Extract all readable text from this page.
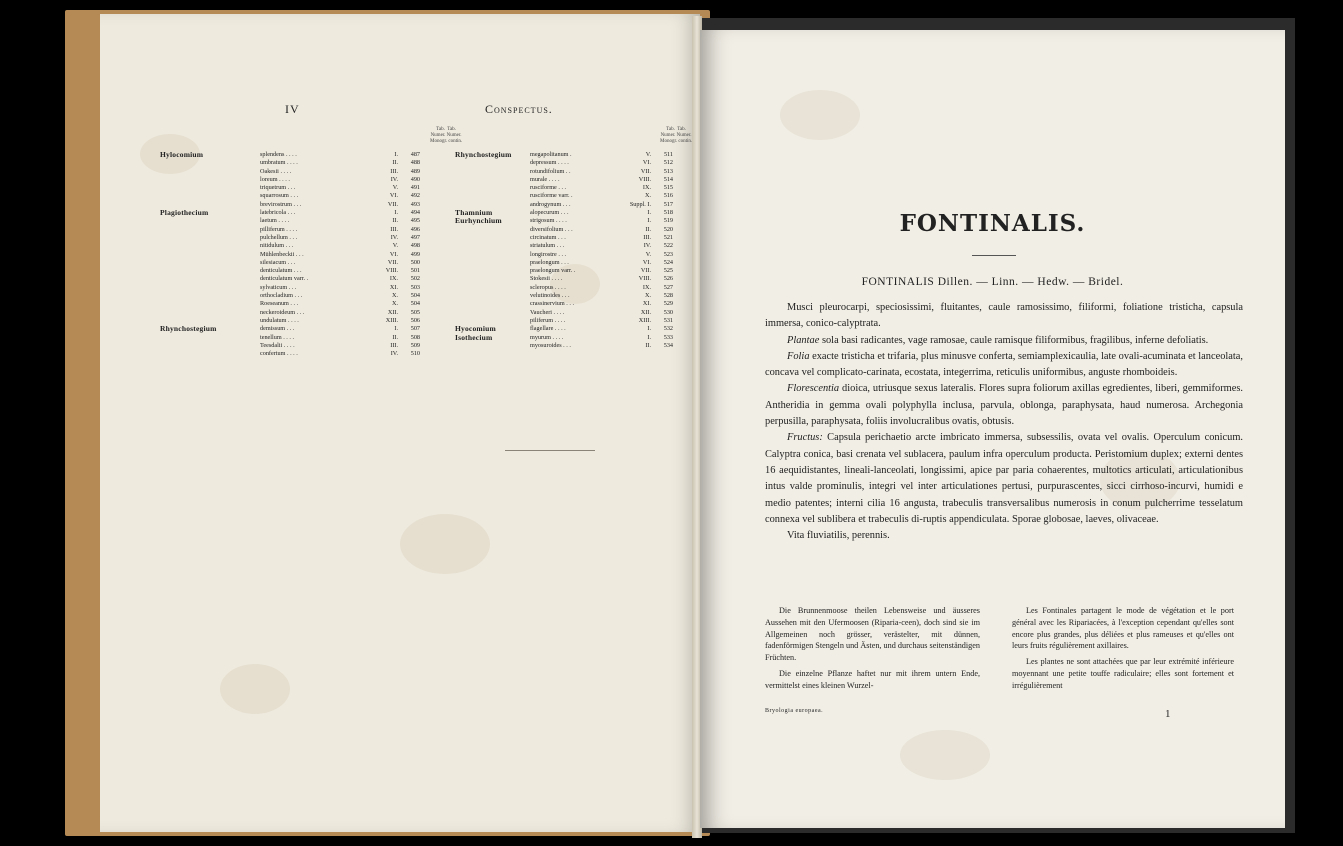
IV	Conspectus.
Tab. Tab.
Numer. Numer.
Monogr. contin.
Tab. Tab.
Numer. Numer.
Monogr. contin.
Hylocomium	splendens . . . .	I.	487
umbratum . . . .	II.	488
Oakesii . . . .	III.	489
loreum . . . .	IV.	490
triquetrum . . .	V.	491
squarrosum . . .	VI.	492
brevirostrum . . .	VII.	493
Plagiothecium	latebricola . . .	I.	494
laetum . . . .	II.	495
pilliferum . . . .	III.	496
pulchellum . . .	IV.	497
nitidulum . . .	V.	498
Mühlenbeckii . . .	VI.	499
silesiacum . . .	VII.	500
denticulatum . . .	VIII.	501
denticulatum varr. .	IX.	502
sylvaticum . . .	XI.	503
orthocladium . . .	X.	504
Roeseanum . . .	X.	504
neckeroideum . . .	XII.	505
undulatum . . . .	XIII.	506
Rhynchostegium	demissum . . .	I.	507
tenellum . . . .	II.	508
Teesdalii . . . .	III.	509
confertum . . . .	IV.	510
Rhynchostegium	megapolitanum .	V.	511
depressum . . . .	VI.	512
rotundifolium . .	VII.	513
murale . . . .	VIII.	514
rusciforme . . .	IX.	515
rusciforme varr. .	X.	516
androgynum . . .	Suppl. I.	517
Thamnium	alopecurum . . .	I.	518
Eurhynchium	strigosum . . . .	I.	519
diversifolium . . .	II.	520
circinatum . . .	III.	521
striatulum . . .	IV.	522
longirostre . . .	V.	523
praelongum . . .	VI.	524
praelongum varr. .	VII.	525
Stokesii . . . .	VIII.	526
scleropus . . . .	IX.	527
velutinoides . . .	X.	528
crassinervium . . .	XI.	529
Vaucheri . . . .	XII.	530
piliferum . . . .	XIII.	531
Hyocomium	flagellare . . . .	I.	532
Isothecium	myurum . . . .	I.	533
myosuroides . . .	II.	534
FONTINALIS.
FONTINALIS Dillen. — Linn. — Hedw. — Bridel.

Musci pleurocarpi, speciosissimi, fluitantes, caule ramosissimo, filiformi, foliatione tristicha, capsula immersa, conico-calyptrata.

Plantae sola basi radicantes, vage ramosae, caule ramisque filiformibus, fragilibus, inferne defoliatis.

Folia exacte tristicha et trifaria, plus minusve conferta, semiamplexicaulia, late ovali-acuminata et lanceolata, concava vel complicato-carinata, ecostata, integerrima, reticulis uniformibus, anguste rhomboideis.

Florescentia dioica, utriusque sexus lateralis. Flores supra foliorum axillas egredientes, liberi, gemmiformes. Antheridia in gemma ovali polyphylla inclusa, parvula, oblonga, paraphysata, haud numerosa. Archegonia perpusilla, paraphysata, foliis involucralibus ovatis, obtusis.

Fructus: Capsula perichaetio arcte imbricato immersa, subsessilis, ovata vel ovalis. Operculum conicum. Calyptra conica, basi crenata vel sublacera, paulum infra operculum producta. Peristomium duplex; externi dentes 16 aequidistantes, lineali-lanceolati, longissimi, apice par paria cohaerentes, multotics articulati, articulationibus intus valde prominulis, integri vel inter articulationes pertusi, purpurascentes, sicci cirrhoso-incurvi, humidi e medio patentes; interni cilia 16 angusta, trabeculis transversalibus numerosis in conum pulcherrime tesselatum connexa vel sublibera et trabeculis di-ruptis appendiculata. Sporae globosae, laeves, olivaceae.

Vita fluviatilis, perennis.

Die Brunnenmoose theilen Lebensweise und äusseres Aussehen mit den Ufermoosen (Riparia-ceen), doch sind sie im Allgemeinen noch grösser, verästelter, mit dünnen, fadenförmigen Stengeln und Ästen, und durchaus seitenständigen Früchten.

Die einzelne Pflanze haftet nur mit ihrem untern Ende, vermittelst eines kleinen Wurzel-

Les Fontinales partagent le mode de végétation et le port général avec les Ripariacées, à l'exception cependant qu'elles sont encore plus grandes, plus déliées et plus rameuses et qu'elles ont leurs fruits régulièrement axillaires.

Les plantes ne sont attachées que par leur extrémité inférieure moyennant une petite touffe radiculaire; elles sont fortement et irrégulièrement

Bryologia europaea.	1
